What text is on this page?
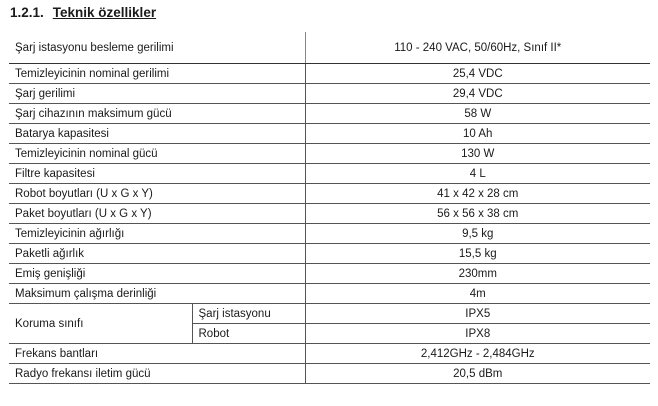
1.2.1. Teknik özellikler
Şarj istasyonu besleme gerilimi		110 - 240 VAC, 50/60Hz, Sınıf II*
Temizleyicinin nominal gerilimi		25,4 VDC
Şarj gerilimi		29,4 VDC
Şarj cihazının maksimum gücü		58 W
Batarya kapasitesi		10 Ah
Temizleyicinin nominal gücü		130 W
Filtre kapasitesi		4 L
Robot boyutları (U x G x Y)		41 x 42 x 28 cm
Paket boyutları (U x G x Y)		56 x 56 x 38 cm
Temizleyicinin ağırlığı		9,5 kg
Paketli ağırlık		15,5 kg
Emiş genişliği		230mm
Maksimum çalışma derinliği		4m
Koruma sınıfı	Şarj istasyonu	IPX5
	Robot	IPX8
Frekans bantları		2,412GHz - 2,484GHz
Radyo frekansı iletim gücü		20,5 dBm
